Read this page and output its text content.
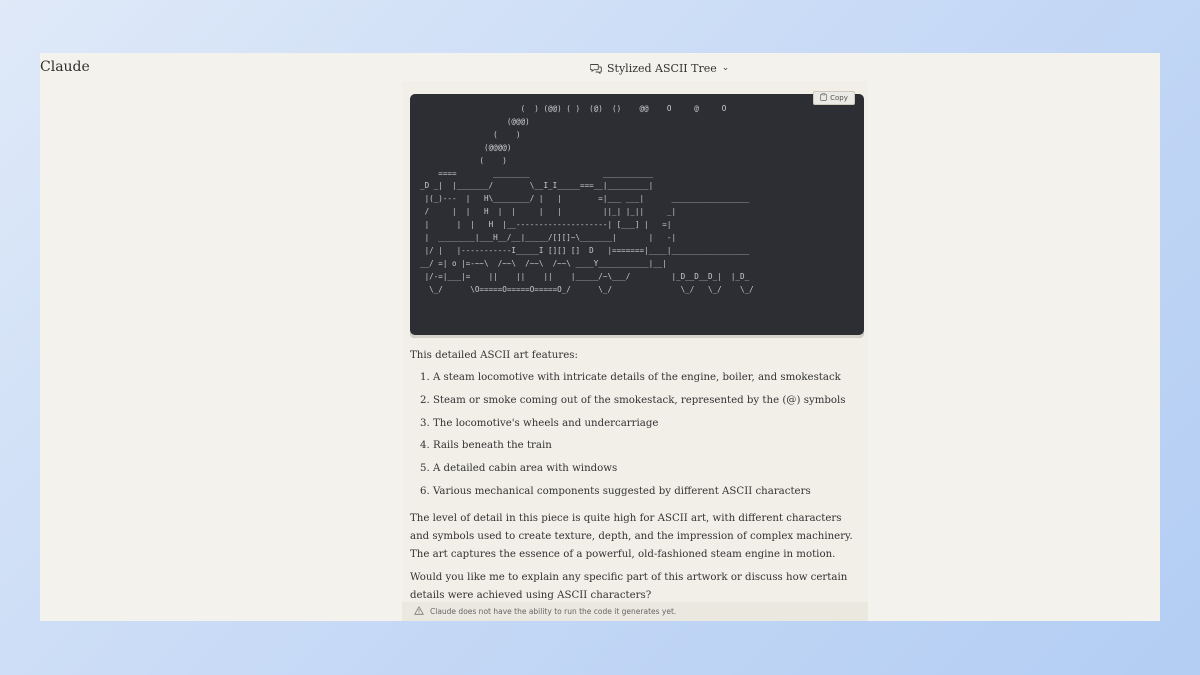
Claude	Stylized ASCII Tree ⌄
(  ) (@@) ( )  (@)  ()    @@    O     @     O
(@@@)
(    )
(@@@@)
(    )
====        ________                ___________
_D _|  |_______/        \__I_I_____===__|_________|
|(_)---  |   H\________/ |   |        =|___ ___|      _________________
/     |  |   H  |  |     |   |         ||_| |_||     _|
|      |  |   H  |__--------------------| [___] |   =|
|  ________|___H__/__|_____/[][]~\_______|       |   -|
|/ |   |-----------I_____I [][] []  D   |=======|____|_________________
__/ =| o |=-~~\  /~~\  /~~\  /~~\ ____Y___________|__|
|/-=|___|=    ||    ||    ||    |_____/~\___/         |_D__D__D_|  |_D_
\_/      \O=====O=====O=====O_/      \_/               \_/   \_/    \_/
Copy

This detailed ASCII art features:

1. A steam locomotive with intricate details of the engine, boiler, and smokestack
2. Steam or smoke coming out of the smokestack, represented by the (@) symbols
3. The locomotive's wheels and undercarriage
4. Rails beneath the train
5. A detailed cabin area with windows
6. Various mechanical components suggested by different ASCII characters

The level of detail in this piece is quite high for ASCII art, with different characters and symbols used to create texture, depth, and the impression of complex machinery. The art captures the essence of a powerful, old-fashioned steam engine in motion.

Would you like me to explain any specific part of this artwork or discuss how certain details were achieved using ASCII characters?

Claude does not have the ability to run the code it generates yet.
